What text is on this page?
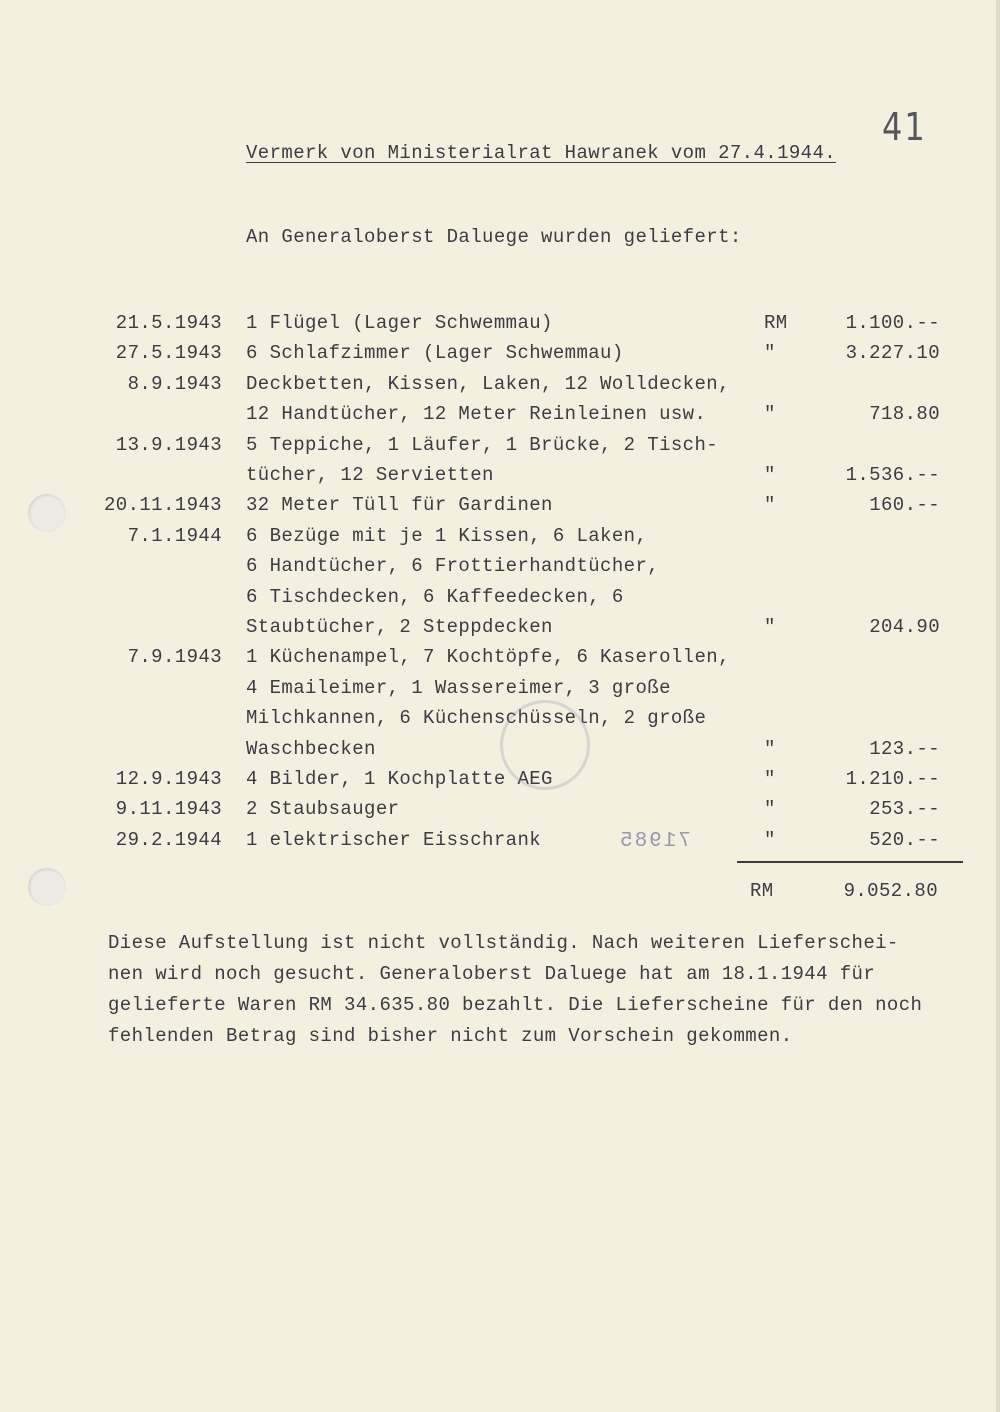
41
Vermerk von Ministerialrat Hawranek vom 27.4.1944.
An Generaloberst Daluege wurden geliefert:
21.5.1943 1 Flügel (Lager Schwemmau)	RM	1.100.--
27.5.1943 6 Schlafzimmer (Lager Schwemmau)	"	3.227.10
8.9.1943 Deckbetten, Kissen, Laken, 12 Wolldecken,
12 Handtücher, 12 Meter Reinleinen usw.	"	718.80
13.9.1943 5 Teppiche, 1 Läufer, 1 Brücke, 2 Tisch-
tücher, 12 Servietten	"	1.536.--
20.11.1943 32 Meter Tüll für Gardinen	"	160.--
7.1.1944 6 Bezüge mit je 1 Kissen, 6 Laken,
6 Handtücher, 6 Frottierhandtücher,
6 Tischdecken, 6 Kaffeedecken, 6
Staubtücher, 2 Steppdecken	"	204.90
7.9.1943 1 Küchenampel, 7 Kochtöpfe, 6 Kaserollen,
4 Emaileimer, 1 Wassereimer, 3 große
Milchkannen, 6 Küchenschüsseln, 2 große
Waschbecken	"	123.--
12.9.1943 4 Bilder, 1 Kochplatte AEG	"	1.210.--
9.11.1943 2 Staubsauger	"	253.--
29.2.1944 1 elektrischer Eisschrank	"	520.--
RM	9.052.80
Diese Aufstellung ist nicht vollständig. Nach weiteren Lieferschei-
nen wird noch gesucht. Generaloberst Daluege hat am 18.1.1944 für
gelieferte Waren RM 34.635.80 bezahlt. Die Lieferscheine für den noch
fehlenden Betrag sind bisher nicht zum Vorschein gekommen.
71985
